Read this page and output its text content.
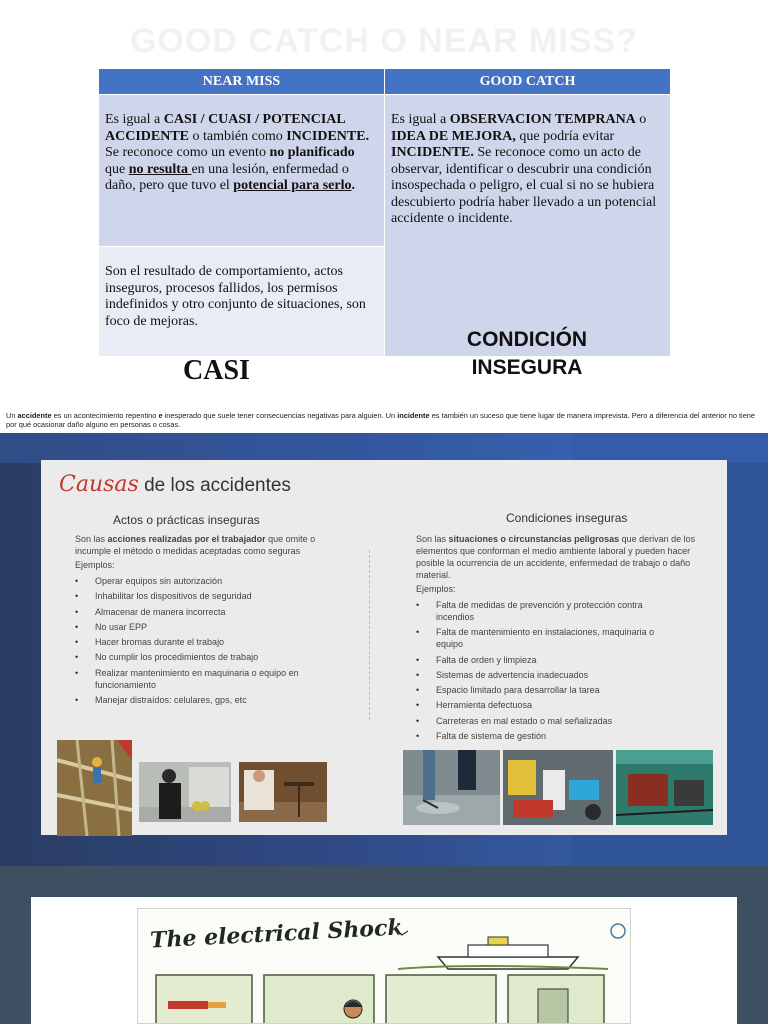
GOOD CATCH O NEAR MISS?
NEAR MISS	GOOD CATCH
Es igual a CASI / CUASI / POTENCIAL ACCIDENTE o también como INCIDENTE. Se reconoce como un evento no planificado que no resulta en una lesión, enfermedad o daño, pero que tuvo el potencial para serlo.
Son el resultado de comportamiento, actos inseguros, procesos fallidos, los permisos indefinidos y otro conjunto de situaciones, son foco de mejoras.
Es igual a OBSERVACION TEMPRANA o IDEA DE MEJORA, que podría evitar INCIDENTE. Se reconoce como un acto de observar, identificar o descubrir una condición insospechada o peligro, el cual si no se hubiera descubierto podría haber llevado a un potencial accidente o incidente.
CASI
CONDICIÓN
INSEGURA
Un accidente es un acontecimiento repentino e inesperado que suele tener consecuencias negativas para alguien. Un incidente es también un suceso que tiene lugar de manera imprevista. Pero a diferencia del anterior no tiene por qué ocasionar daño alguno en personas o cosas.
Causas de los accidentes
Actos o prácticas inseguras
Son las acciones realizadas por el trabajador que omite o incumple el método o medidas aceptadas como seguras
Ejemplos:
• Operar equipos sin autorización
• Inhabilitar los dispositivos de seguridad
• Almacenar de manera incorrecta
• No usar EPP
• Hacer bromas durante el trabajo
• No cumplir los procedimientos de trabajo
• Realizar mantenimiento en maquinaria o equipo en funcionamiento
• Manejar distraídos: celulares, gps, etc
Condiciones inseguras
Son las situaciones o circunstancias peligrosas que derivan de los elementos que conforman el medio ambiente laboral y pueden hacer posible la ocurrencia de un accidente, enfermedad de trabajo o daño material.
Ejemplos:
• Falta de medidas de prevención y protección contra incendios
• Falta de mantenimiento en instalaciones, maquinaria o equipo
• Falta de orden y limpieza
• Sistemas de advertencia inadecuados
• Espacio limitado para desarrollar la tarea
• Herramienta defectuosa
• Carreteras en mal estado o mal señalizadas
• Falta de sistema de gestión
The electrical Shock
